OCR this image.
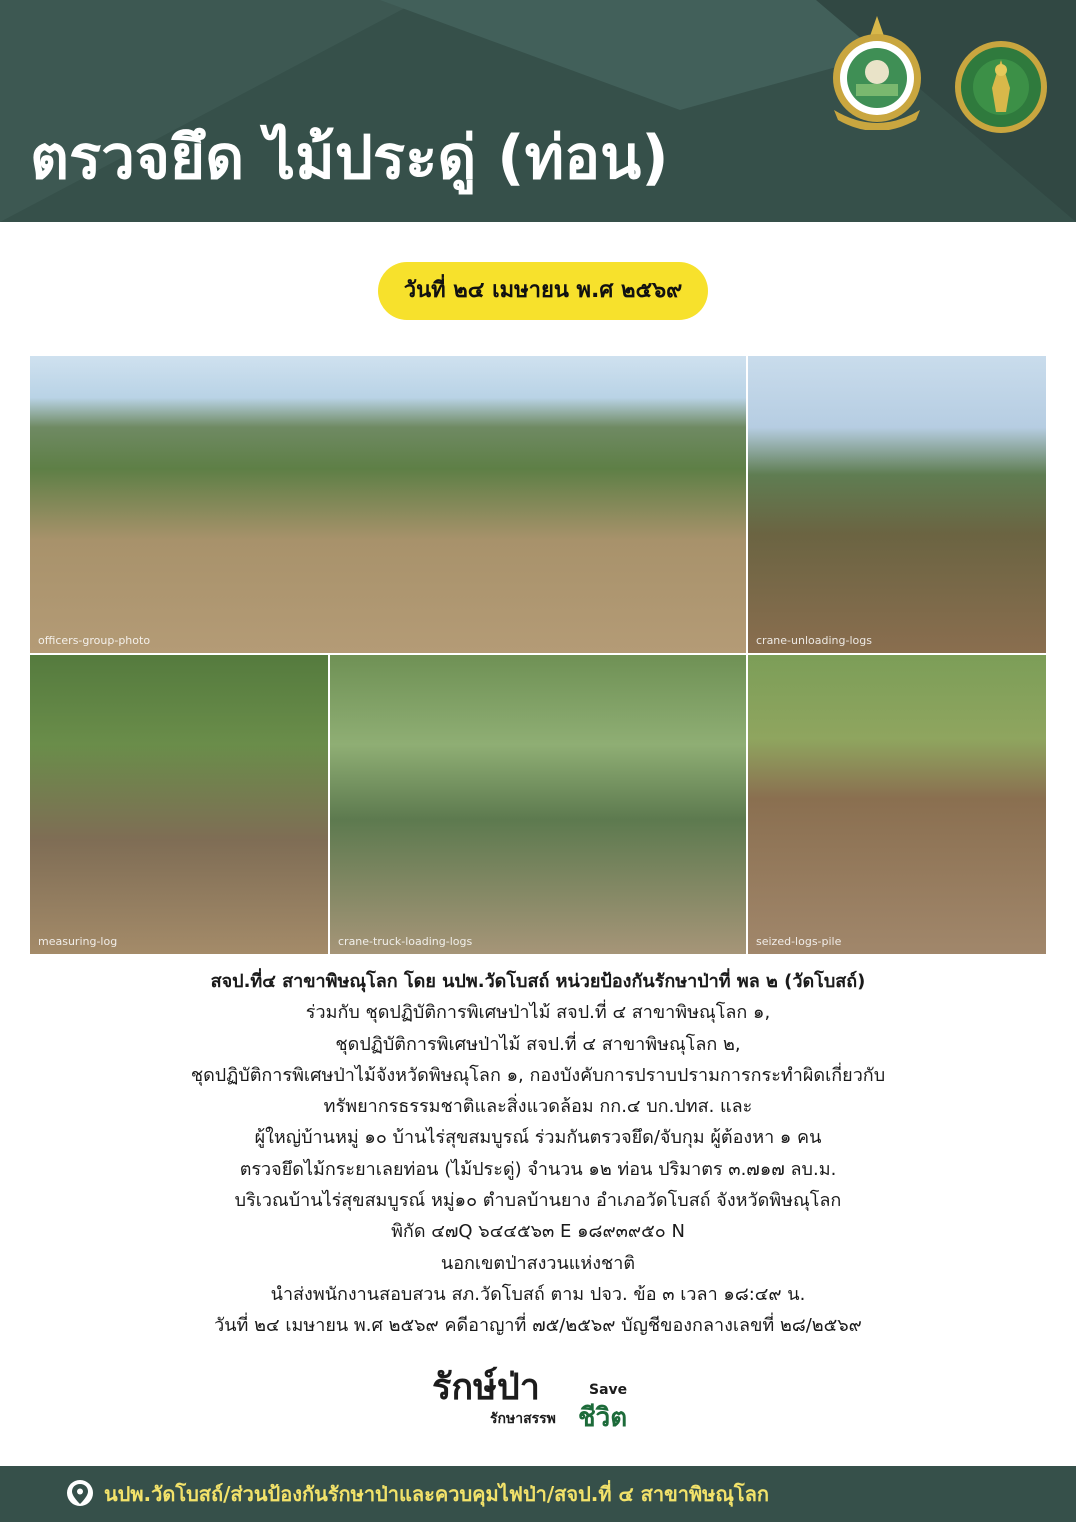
ตรวจยึด ไม้ประดู่ (ท่อน)
วันที่ ๒๔ เมษายน พ.ศ ๒๕๖๙
officers-group-photo	crane-unloading-logs
measuring-log	crane-truck-loading-logs	seized-logs-pile
สจป.ที่๔ สาขาพิษณุโลก โดย นปพ.วัดโบสถ์ หน่วยป้องกันรักษาป่าที่ พล ๒ (วัดโบสถ์)
ร่วมกับ ชุดปฏิบัติการพิเศษป่าไม้ สจป.ที่ ๔ สาขาพิษณุโลก ๑,
ชุดปฏิบัติการพิเศษป่าไม้ สจป.ที่ ๔ สาขาพิษณุโลก ๒,
ชุดปฏิบัติการพิเศษป่าไม้จังหวัดพิษณุโลก ๑, กองบังคับการปราบปรามการกระทำผิดเกี่ยวกับ
ทรัพยากรธรรมชาติและสิ่งแวดล้อม กก.๔ บก.ปทส. และ
ผู้ใหญ่บ้านหมู่ ๑๐ บ้านไร่สุขสมบูรณ์ ร่วมกันตรวจยึด/จับกุม ผู้ต้องหา ๑ คน
ตรวจยึดไม้กระยาเลยท่อน (ไม้ประดู่) จำนวน ๑๒ ท่อน ปริมาตร ๓.๗๑๗ ลบ.ม.
บริเวณบ้านไร่สุขสมบูรณ์ หมู่๑๐ ตำบลบ้านยาง อำเภอวัดโบสถ์ จังหวัดพิษณุโลก
พิกัด ๔๗Q ๖๔๔๕๖๓ E ๑๘๙๓๙๕๐ N
นอกเขตป่าสงวนแห่งชาติ
นำส่งพนักงานสอบสวน สภ.วัดโบสถ์ ตาม ปจว. ข้อ ๓ เวลา ๑๘:๔๙ น.
วันที่ ๒๔ เมษายน พ.ศ ๒๕๖๙ คดีอาญาที่ ๗๕/๒๕๖๙ บัญชีของกลางเลขที่ ๒๘/๒๕๖๙
รักษ์ป่า
รักษาสรรพ
Save
ชีวิต
นปพ.วัดโบสถ์/ส่วนป้องกันรักษาป่าและควบคุมไฟป่า/สจป.ที่ ๔ สาขาพิษณุโลก
